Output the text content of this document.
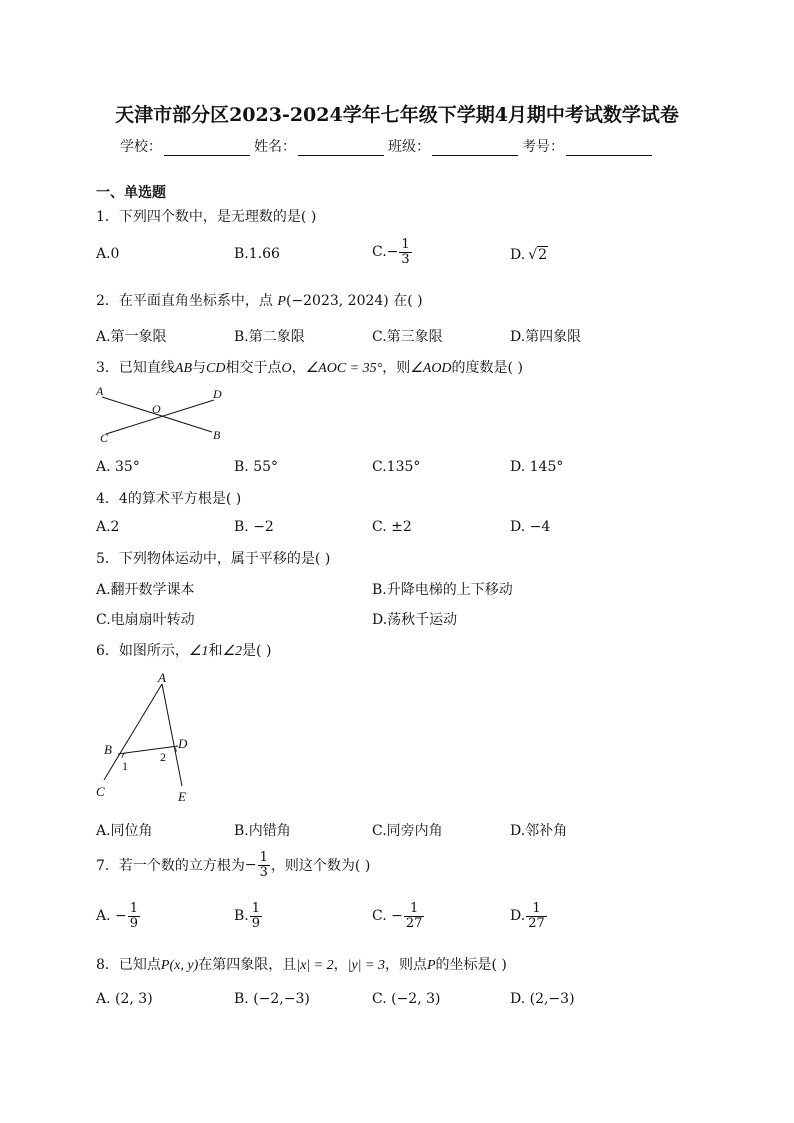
天津市部分区2023-2024学年七年级下学期4月期中考试数学试卷
学校：	姓名：	班级：	考号：
一、单选题
1．下列四个数中，是无理数的是( )
A.0	B.1.66	$C.- \frac{1}{3}$	D. √ 2
2．在平面直角坐标系中，点 P(−2023, 2024) 在( )
A.第一象限	B.第二象限	C.第三象限	D.第四象限
3．已知直线AB与CD相交于点O，∠AOC = 35°，则∠AOD的度数是( )
A
O
D
C	B
A. 35°	B. 55°	C.135°	D. 145°
4．4的算术平方根是( )
A.2	B. −2	C. ±2	D. −4
5．下列物体运动中，属于平移的是( )
A.翻开数学课本	B.升降电梯的上下移动
C.电扇扇叶转动	D.荡秋千运动
6．如图所示，∠1和∠2是( )
A
B	D
C	E
1
2
A.同位角	B.内错角	C.同旁内角	D.邻补角
7．若一个数的立方根为 − $\frac{1}{3}$ ，则这个数为( )
A. − $\frac{1}{9}$	B. $\frac{1}{9}$	C. − $\frac{1}{27}$	D. $\frac{1}{27}$
8．已知点P(x, y)在第四象限，且|x| = 2，|y| = 3，则点P的坐标是( )
A. (2, 3)	B. (−2,−3)	C. (−2, 3)	D. (2,−3)
